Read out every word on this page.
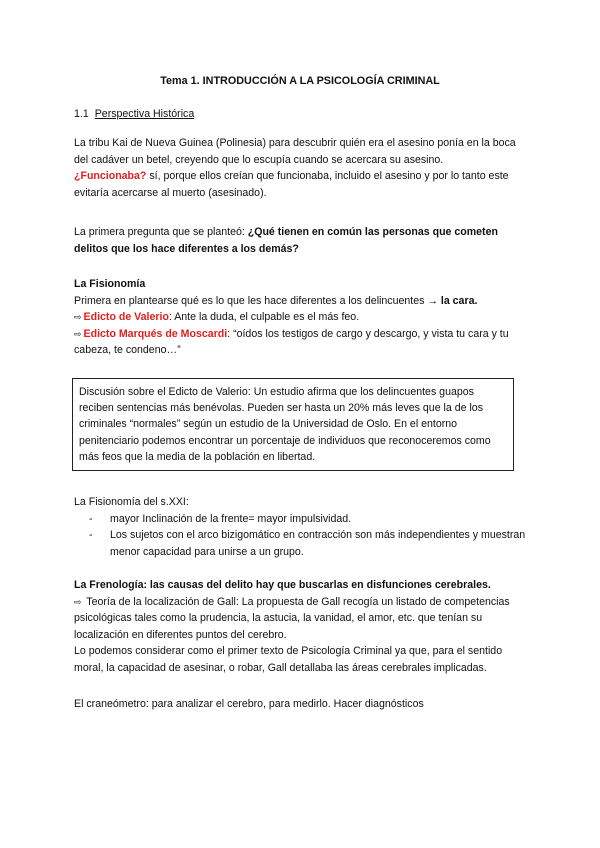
Tema 1. INTRODUCCIÓN A LA PSICOLOGÍA CRIMINAL
1.1 Perspectiva Histórica
La tribu Kai de Nueva Guinea (Polinesia) para descubrir quién era el asesino ponía en la boca
del cadáver un betel, creyendo que lo escupía cuando se acercara su asesino.
¿Funcionaba? sí, porque ellos creían que funcionaba, incluido el asesino y por lo tanto este
evitaría acercarse al muerto (asesinado).
La primera pregunta que se planteó: ¿Qué tienen en común las personas que cometen delitos que los hace diferentes a los demás?
La Fisionomía
Primera en plantearse qué es lo que les hace diferentes a los delincuentes → la cara.
⇨ Edicto de Valerio: Ante la duda, el culpable es el más feo.
⇨ Edicto Marqués de Moscardi: “oídos los testigos de cargo y descargo, y vista tu cara y tu cabeza, te condeno…”
Discusión sobre el Edicto de Valerio: Un estudio afirma que los delincuentes guapos reciben sentencias más benévolas. Pueden ser hasta un 20% más leves que la de los criminales “normales” según un estudio de la Universidad de Oslo. En el entorno penitenciario podemos encontrar un porcentaje de individuos que reconoceremos como más feos que la media de la población en libertad.
La Fisionomía del s.XXI:
- mayor Inclinación de la frente= mayor impulsividad.
- Los sujetos con el arco bizigomático en contracción son más independientes y muestran menor capacidad para unirse a un grupo.
La Frenología: las causas del delito hay que buscarlas en disfunciones cerebrales.
⇨ Teoría de la localización de Gall: La propuesta de Gall recogía un listado de competencias psicológicas tales como la prudencia, la astucia, la vanidad, el amor, etc. que tenían su localización en diferentes puntos del cerebro.
Lo podemos considerar como el primer texto de Psicología Criminal ya que, para el sentido moral, la capacidad de asesinar, o robar, Gall detallaba las áreas cerebrales implicadas.
El craneómetro: para analizar el cerebro, para medirlo. Hacer diagnósticos
